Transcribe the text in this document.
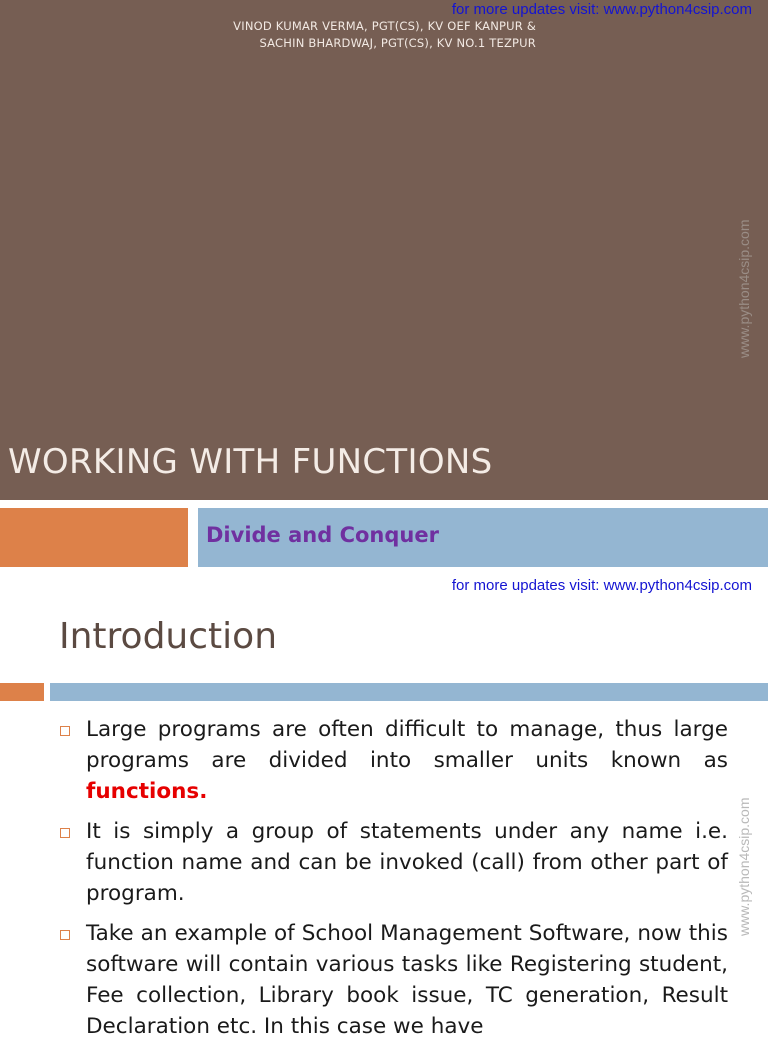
for more updates visit: www.python4csip.com
VINOD KUMAR VERMA, PGT(CS), KV OEF KANPUR &
SACHIN BHARDWAJ, PGT(CS), KV NO.1 TEZPUR
WORKING WITH FUNCTIONS
www.python4csip.com
Divide and Conquer
for more updates visit: www.python4csip.com
Introduction
www.python4csip.com

Large programs are often difficult to manage, thus large programs are divided into smaller units known as functions.

It is simply a group of statements under any name i.e. function name and can be invoked (call) from other part of program.

Take an example of School Management Software, now this software will contain various tasks like Registering student, Fee collection, Library book issue, TC generation, Result Declaration etc. In this case we have
